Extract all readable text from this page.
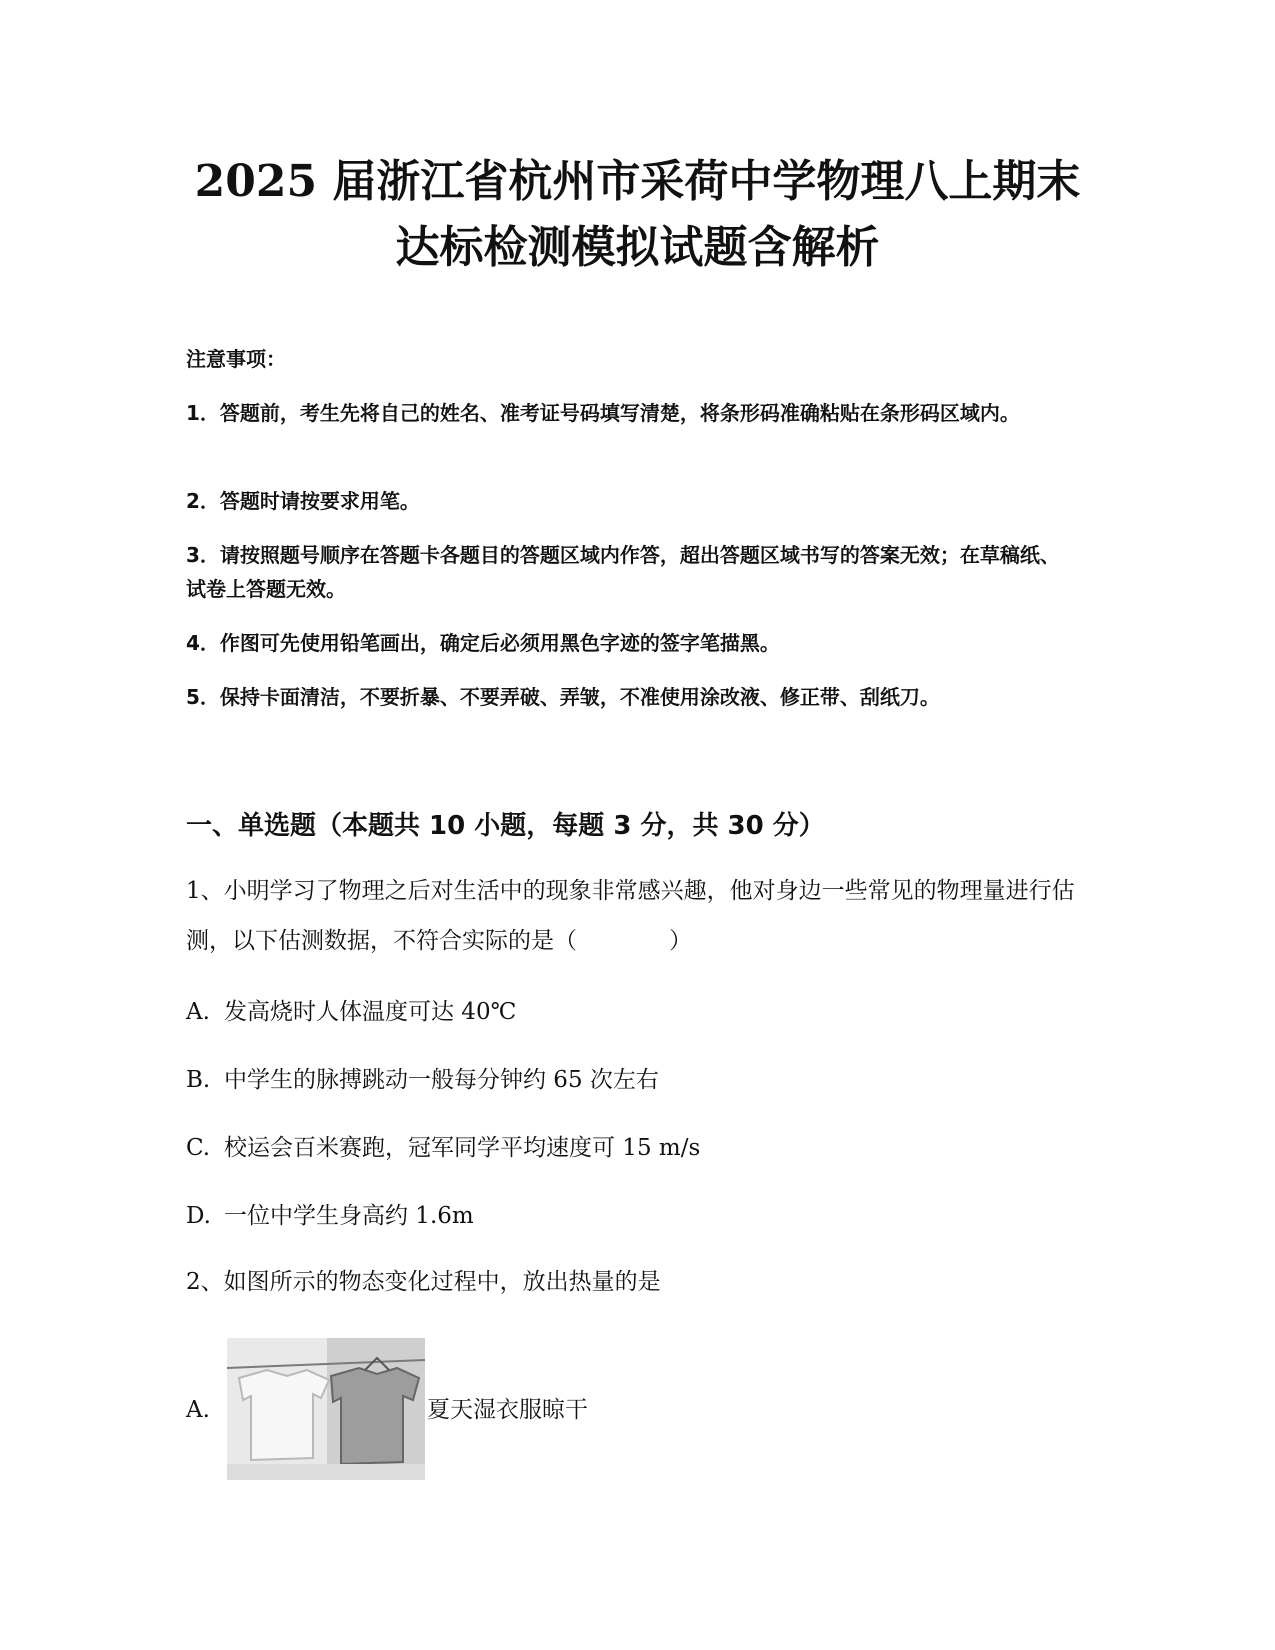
2025 届浙江省杭州市采荷中学物理八上期末
达标检测模拟试题含解析

注意事项：

1．答题前，考生先将自己的姓名、准考证号码填写清楚，将条形码准确粘贴在条形码区域内。

2．答题时请按要求用笔。

3．请按照题号顺序在答题卡各题目的答题区域内作答，超出答题区域书写的答案无效；在草稿纸、试卷上答题无效。

4．作图可先使用铅笔画出，确定后必须用黑色字迹的签字笔描黑。

5．保持卡面清洁，不要折暴、不要弄破、弄皱，不准使用涂改液、修正带、刮纸刀。

一、单选题（本题共 10 小题，每题 3 分，共 30 分）

1、小明学习了物理之后对生活中的现象非常感兴趣，他对身边一些常见的物理量进行估测，以下估测数据，不符合实际的是（　　　　）

A. 发高烧时人体温度可达 40℃

B. 中学生的脉搏跳动一般每分钟约 65 次左右

C. 校运会百米赛跑，冠军同学平均速度可 15 m/s

D. 一位中学生身高约 1.6m

2、如图所示的物态变化过程中，放出热量的是

A.	夏天湿衣服晾干
